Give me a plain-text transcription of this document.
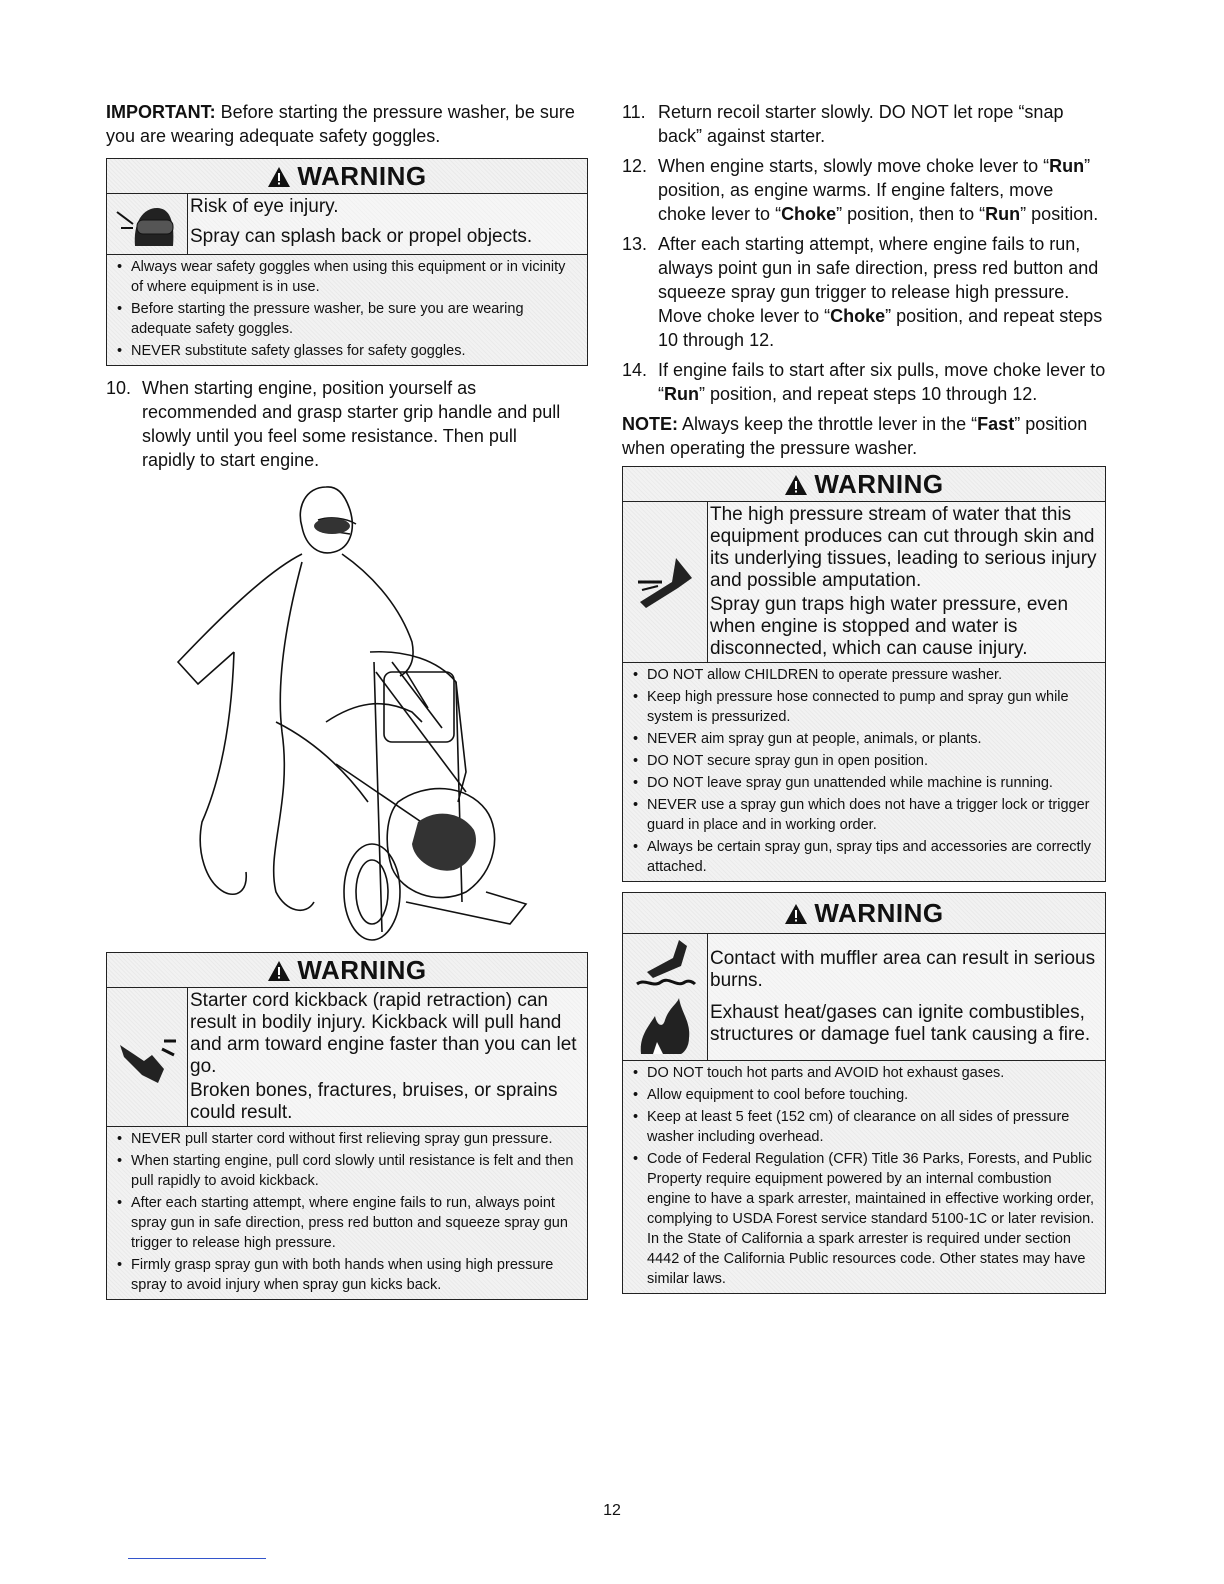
IMPORTANT: Before starting the pressure washer, be sure you are wearing adequate safety goggles.

WARNING

Risk of eye injury.

Spray can splash back or propel objects.

• Always wear safety goggles when using this equipment or in vicinity of where equipment is in use.
• Before starting the pressure washer, be sure you are wearing adequate safety goggles.
• NEVER substitute safety glasses for safety goggles.
10. When starting engine, position yourself as recommended and grasp starter grip handle and pull slowly until you feel some resistance. Then pull rapidly to start engine.
WARNING

Starter cord kickback (rapid retraction) can result in bodily injury. Kickback will pull hand and arm toward engine faster than you can let go.

Broken bones, fractures, bruises, or sprains could result.

• NEVER pull starter cord without first relieving spray gun pressure.
• When starting engine, pull cord slowly until resistance is felt and then pull rapidly to avoid kickback.
• After each starting attempt, where engine fails to run, always point spray gun in safe direction, press red button and squeeze spray gun trigger to release high pressure.
• Firmly grasp spray gun with both hands when using high pressure spray to avoid injury when spray gun kicks back.
11. Return recoil starter slowly. DO NOT let rope “snap back” against starter.
12. When engine starts, slowly move choke lever to “Run” position, as engine warms. If engine falters, move choke lever to “Choke” position, then to “Run” position.
13. After each starting attempt, where engine fails to run, always point gun in safe direction, press red button and squeeze spray gun trigger to release high pressure. Move choke lever to “Choke” position, and repeat steps 10 through 12.
14. If engine fails to start after six pulls, move choke lever to “Run” position, and repeat steps 10 through 12.

NOTE: Always keep the throttle lever in the “Fast” position when operating the pressure washer.

WARNING

The high pressure stream of water that this equipment produces can cut through skin and its underlying tissues, leading to serious injury and possible amputation.

Spray gun traps high water pressure, even when engine is stopped and water is disconnected, which can cause injury.

• DO NOT allow CHILDREN to operate pressure washer.
• Keep high pressure hose connected to pump and spray gun while system is pressurized.
• NEVER aim spray gun at people, animals, or plants.
• DO NOT secure spray gun in open position.
• DO NOT leave spray gun unattended while machine is running.
• NEVER use a spray gun which does not have a trigger lock or trigger guard in place and in working order.
• Always be certain spray gun, spray tips and accessories are correctly attached.
WARNING

Contact with muffler area can result in serious burns.

Exhaust heat/gases can ignite combustibles, structures or damage fuel tank causing a fire.

• DO NOT touch hot parts and AVOID hot exhaust gases.
• Allow equipment to cool before touching.
• Keep at least 5 feet (152 cm) of clearance on all sides of pressure washer including overhead.
• Code of Federal Regulation (CFR) Title 36 Parks, Forests, and Public Property require equipment powered by an internal combustion engine to have a spark arrester, maintained in effective working order, complying to USDA Forest service standard 5100-1C or later revision. In the State of California a spark arrester is required under section 4442 of the California Public resources code. Other states may have similar laws.
12
